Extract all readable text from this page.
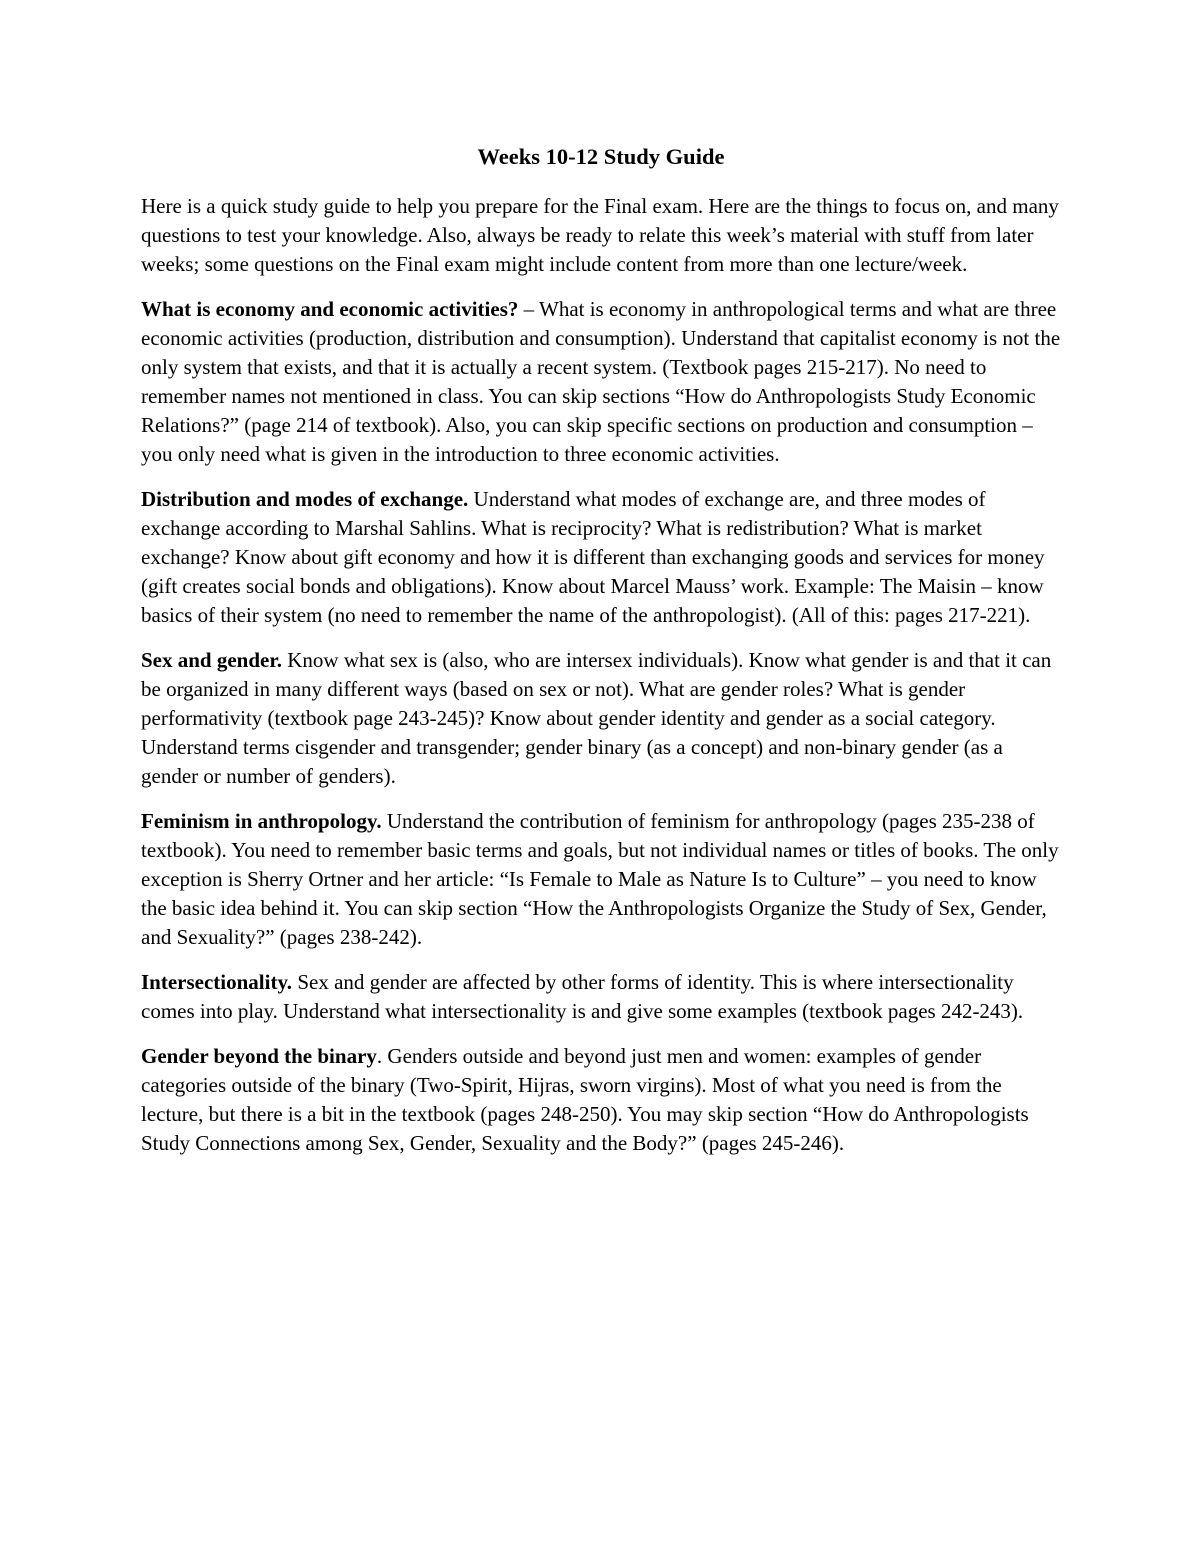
Weeks 10-12 Study Guide

Here is a quick study guide to help you prepare for the Final exam. Here are the things to focus on, and many questions to test your knowledge. Also, always be ready to relate this week’s material with stuff from later weeks; some questions on the Final exam might include content from more than one lecture/week.

What is economy and economic activities? – What is economy in anthropological terms and what are three economic activities (production, distribution and consumption). Understand that capitalist economy is not the only system that exists, and that it is actually a recent system. (Textbook pages 215-217). No need to remember names not mentioned in class. You can skip sections “How do Anthropologists Study Economic Relations?” (page 214 of textbook). Also, you can skip specific sections on production and consumption – you only need what is given in the introduction to three economic activities.

Distribution and modes of exchange. Understand what modes of exchange are, and three modes of exchange according to Marshal Sahlins. What is reciprocity? What is redistribution? What is market exchange? Know about gift economy and how it is different than exchanging goods and services for money (gift creates social bonds and obligations). Know about Marcel Mauss’ work. Example: The Maisin – know basics of their system (no need to remember the name of the anthropologist). (All of this: pages 217-221).

Sex and gender. Know what sex is (also, who are intersex individuals). Know what gender is and that it can be organized in many different ways (based on sex or not). What are gender roles? What is gender performativity (textbook page 243-245)? Know about gender identity and gender as a social category. Understand terms cisgender and transgender; gender binary (as a concept) and non-binary gender (as a gender or number of genders).

Feminism in anthropology. Understand the contribution of feminism for anthropology (pages 235-238 of textbook). You need to remember basic terms and goals, but not individual names or titles of books. The only exception is Sherry Ortner and her article: “Is Female to Male as Nature Is to Culture” – you need to know the basic idea behind it. You can skip section “How the Anthropologists Organize the Study of Sex, Gender, and Sexuality?” (pages 238-242).

Intersectionality. Sex and gender are affected by other forms of identity. This is where intersectionality comes into play. Understand what intersectionality is and give some examples (textbook pages 242-243).

Gender beyond the binary. Genders outside and beyond just men and women: examples of gender categories outside of the binary (Two-Spirit, Hijras, sworn virgins). Most of what you need is from the lecture, but there is a bit in the textbook (pages 248-250). You may skip section “How do Anthropologists Study Connections among Sex, Gender, Sexuality and the Body?” (pages 245-246).
